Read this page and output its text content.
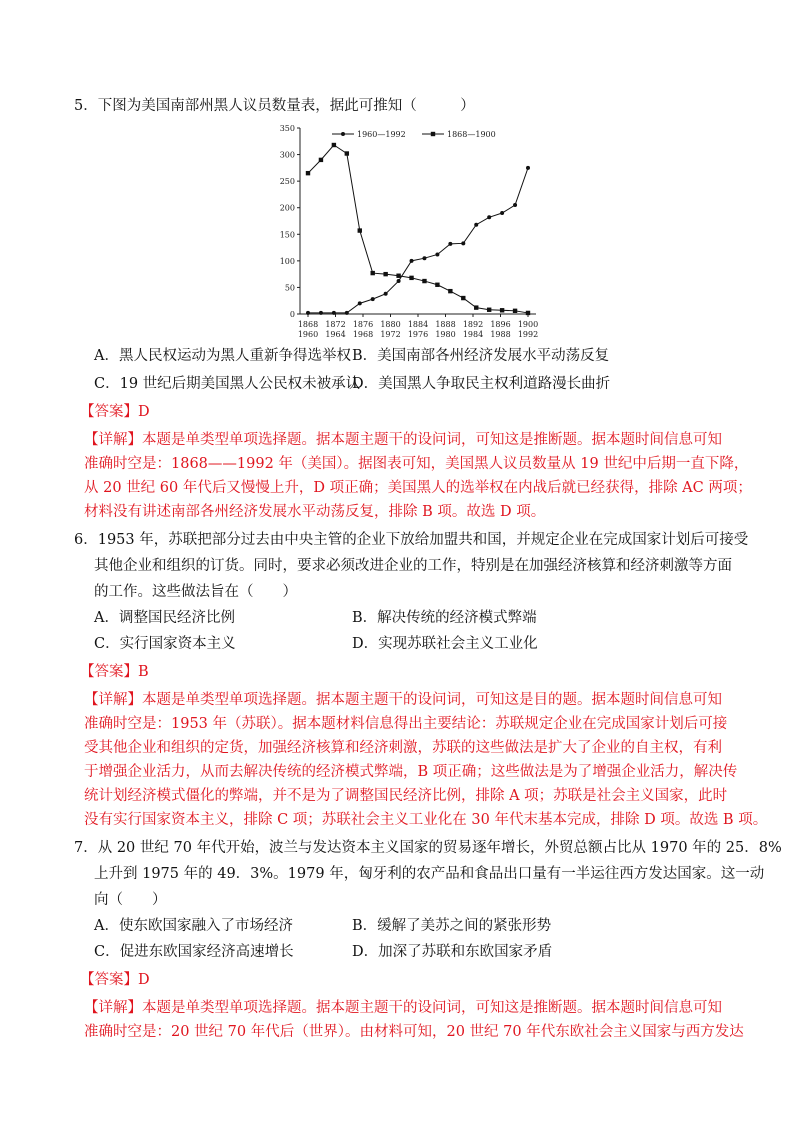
5．下图为美国南部州黑人议员数量表，据此可推知（　　　）
0
50
100
150
200
250
300
350
1868
1960
1872
1964
1876
1968
1880
1972
1884
1976
1888
1980
1892
1984
1896
1988
1900
1992
1960—1992	1868—1900
A．黑人民权运动为黑人重新争得选举权 B．美国南部各州经济发展水平动荡反复
C．19 世纪后期美国黑人公民权未被承认
D．美国黑人争取民主权利道路漫长曲折
【答案】D
【详解】本题是单类型单项选择题。据本题主题干的设问词，可知这是推断题。据本题时间信息可知
准确时空是：1868——1992 年（美国）。据图表可知，美国黑人议员数量从 19 世纪中后期一直下降，
从 20 世纪 60 年代后又慢慢上升，D 项正确；美国黑人的选举权在内战后就已经获得，排除 AC 两项；
材料没有讲述南部各州经济发展水平动荡反复，排除 B 项。故选 D 项。
6．1953 年，苏联把部分过去由中央主管的企业下放给加盟共和国，并规定企业在完成国家计划后可接受
其他企业和组织的订货。同时，要求必须改进企业的工作，特别是在加强经济核算和经济刺激等方面
的工作。这些做法旨在（　　）
A．调整国民经济比例	B．解决传统的经济模式弊端
C．实行国家资本主义	D．实现苏联社会主义工业化
【答案】B
【详解】本题是单类型单项选择题。据本题主题干的设问词，可知这是目的题。据本题时间信息可知
准确时空是：1953 年（苏联）。据本题材料信息得出主要结论：苏联规定企业在完成国家计划后可接
受其他企业和组织的定货，加强经济核算和经济刺激，苏联的这些做法是扩大了企业的自主权，有利
于增强企业活力，从而去解决传统的经济模式弊端，B 项正确；这些做法是为了增强企业活力，解决传
统计划经济模式僵化的弊端，并不是为了调整国民经济比例，排除 A 项；苏联是社会主义国家，此时
没有实行国家资本主义，排除 C 项；苏联社会主义工业化在 30 年代末基本完成，排除 D 项。故选 B 项。
7．从 20 世纪 70 年代开始，波兰与发达资本主义国家的贸易逐年增长，外贸总额占比从 1970 年的 25．8%
上升到 1975 年的 49．3%。1979 年，匈牙利的农产品和食品出口量有一半运往西方发达国家。这一动
向（　　）
A．使东欧国家融入了市场经济	B．缓解了美苏之间的紧张形势
C．促进东欧国家经济高速增长	D．加深了苏联和东欧国家矛盾
【答案】D
【详解】本题是单类型单项选择题。据本题主题干的设问词，可知这是推断题。据本题时间信息可知
准确时空是：20 世纪 70 年代后（世界）。由材料可知，20 世纪 70 年代东欧社会主义国家与西方发达
